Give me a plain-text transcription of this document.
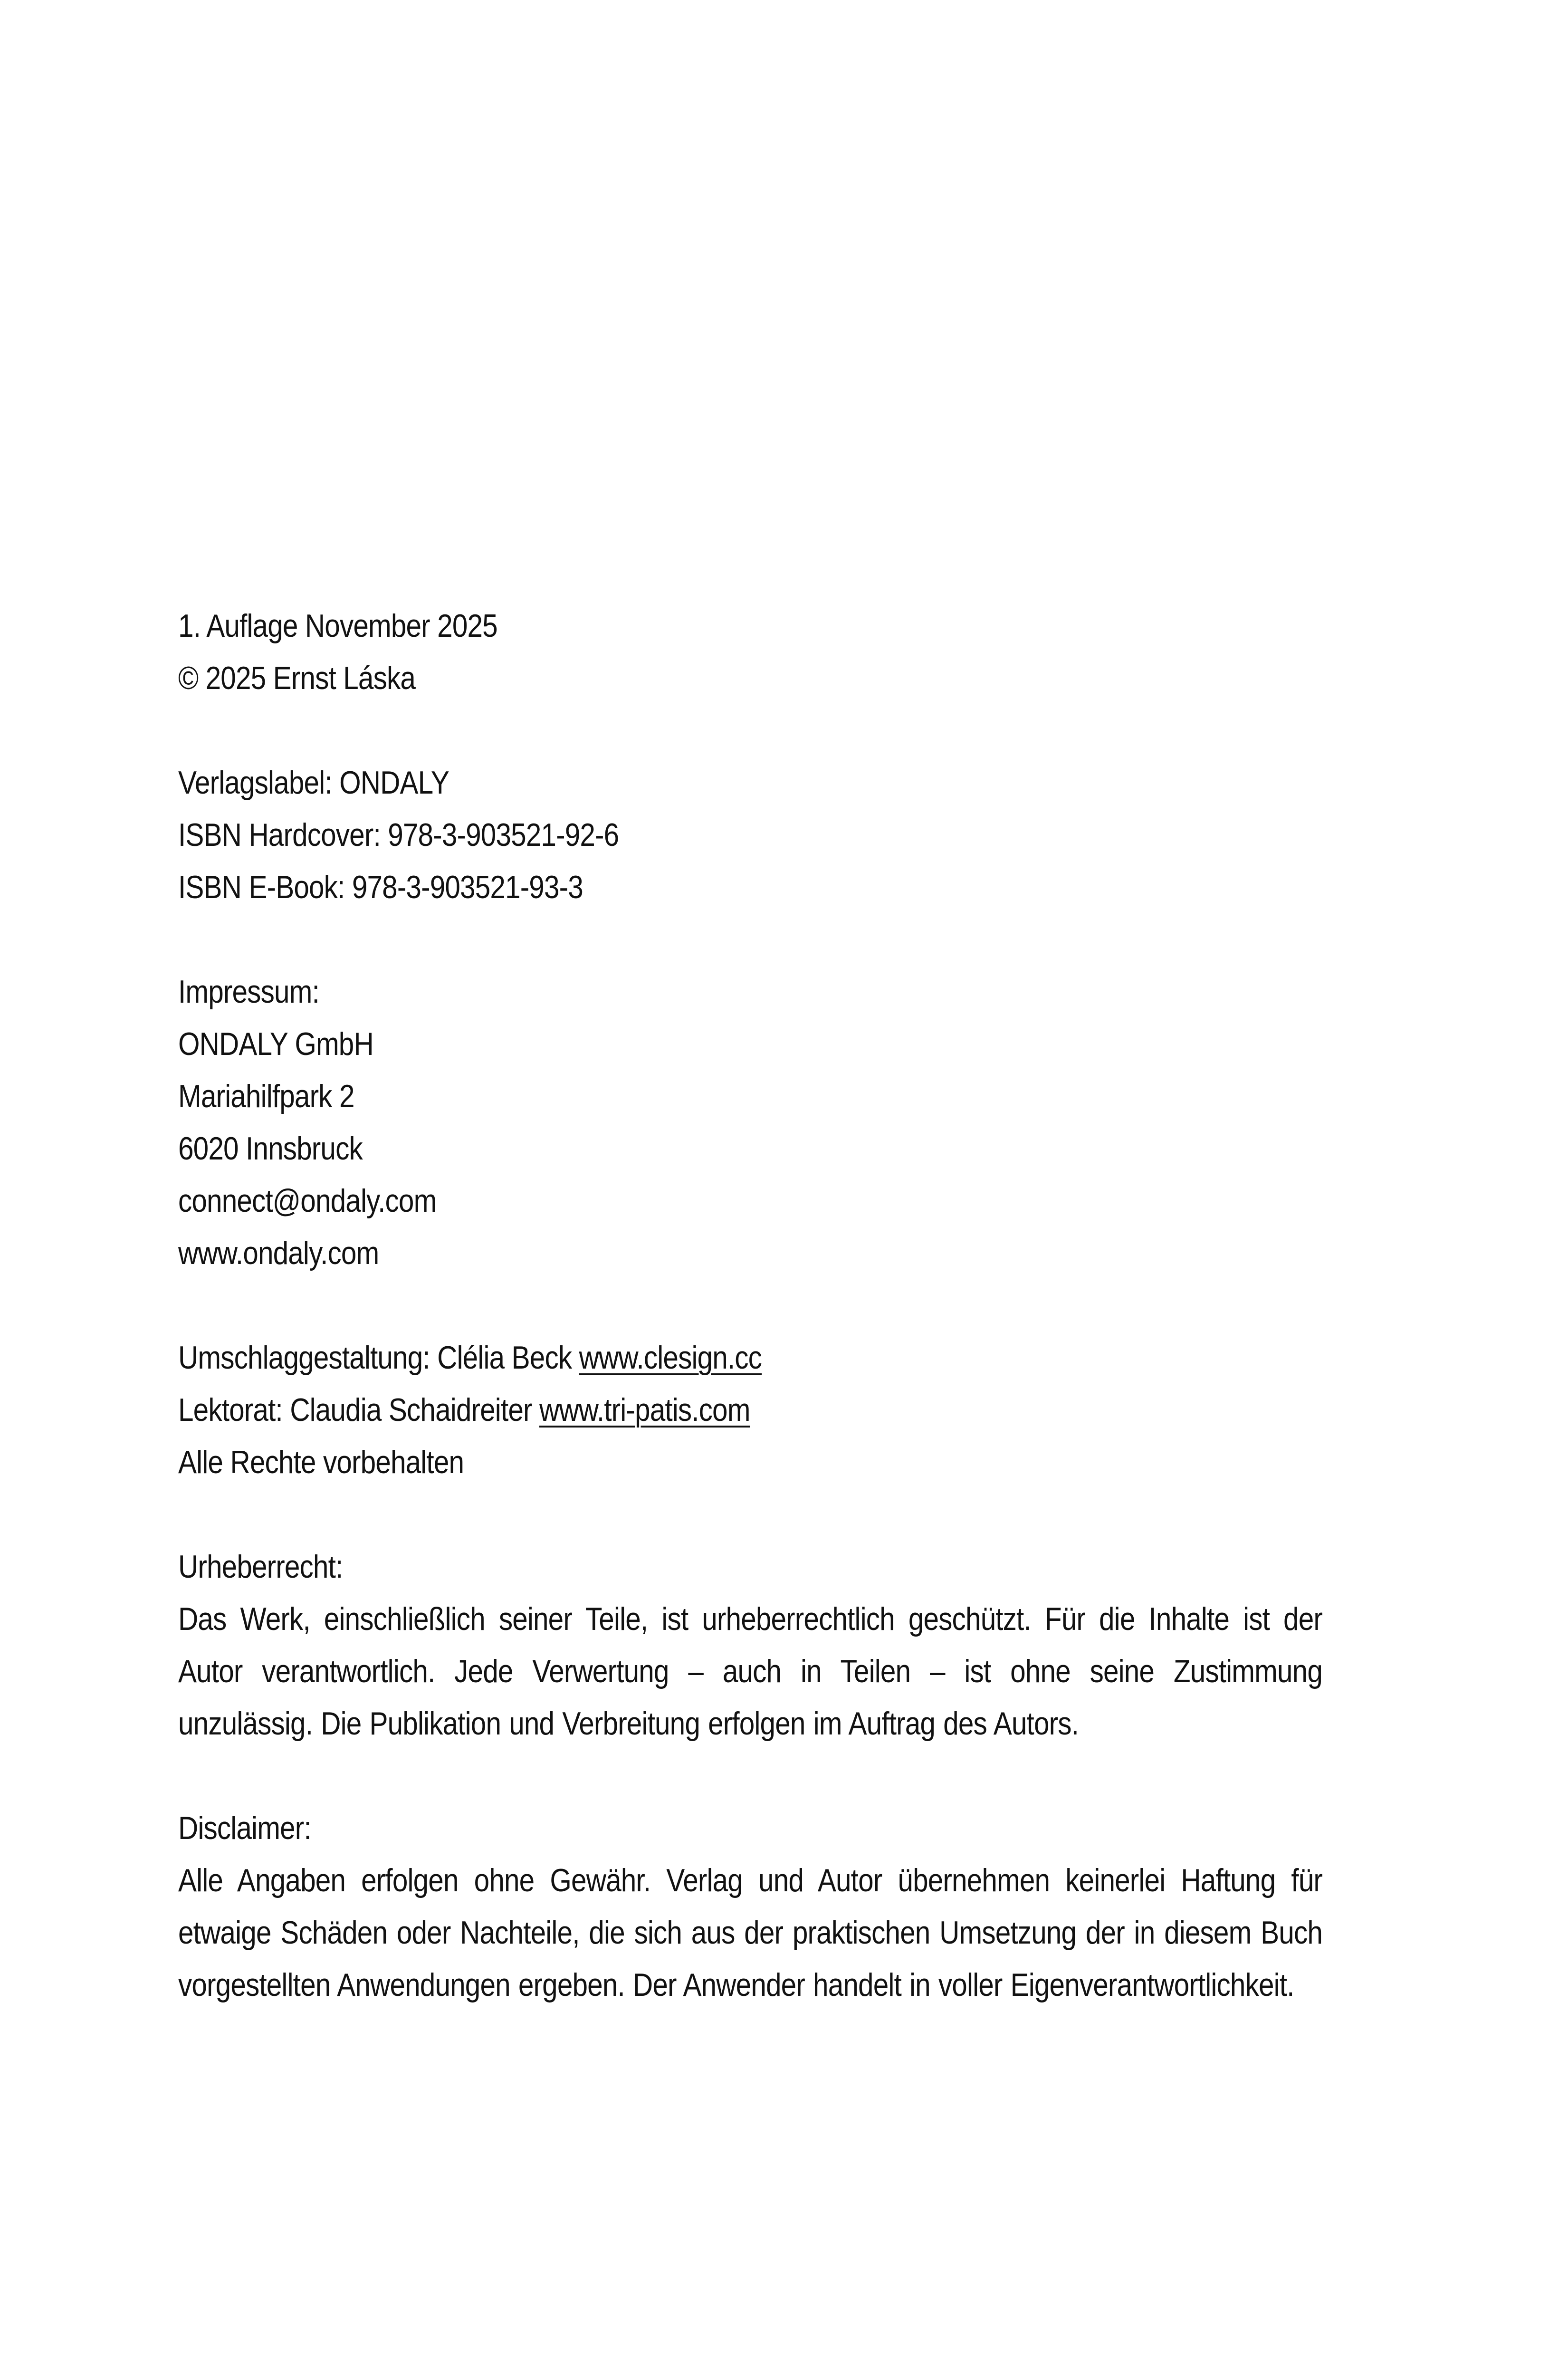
1. Auflage November 2025
© 2025 Ernst Láska
Verlagslabel: ONDALY
ISBN Hardcover: 978-3-903521-92-6
ISBN E-Book: 978-3-903521-93-3
Impressum:
ONDALY GmbH
Mariahilfpark 2
6020 Innsbruck
connect@ondaly.com
www.ondaly.com
Umschlaggestaltung: Clélia Beck www.clesign.cc
Lektorat: Claudia Schaidreiter www.tri-patis.com
Alle Rechte vorbehalten
Urheberrecht:
Das Werk, einschließlich seiner Teile, ist urheberrechtlich geschützt. Für die Inhalte ist der Autor verantwortlich. Jede Verwertung – auch in Teilen – ist ohne seine Zustimmung unzulässig. Die Publikation und Verbreitung erfolgen im Auftrag des Autors.
Disclaimer:
Alle Angaben erfolgen ohne Gewähr. Verlag und Autor übernehmen keinerlei Haftung für etwaige Schäden oder Nachteile, die sich aus der praktischen Umsetzung der in diesem Buch vorgestellten Anwendungen ergeben. Der Anwender handelt in voller Eigenverantwortlichkeit.
